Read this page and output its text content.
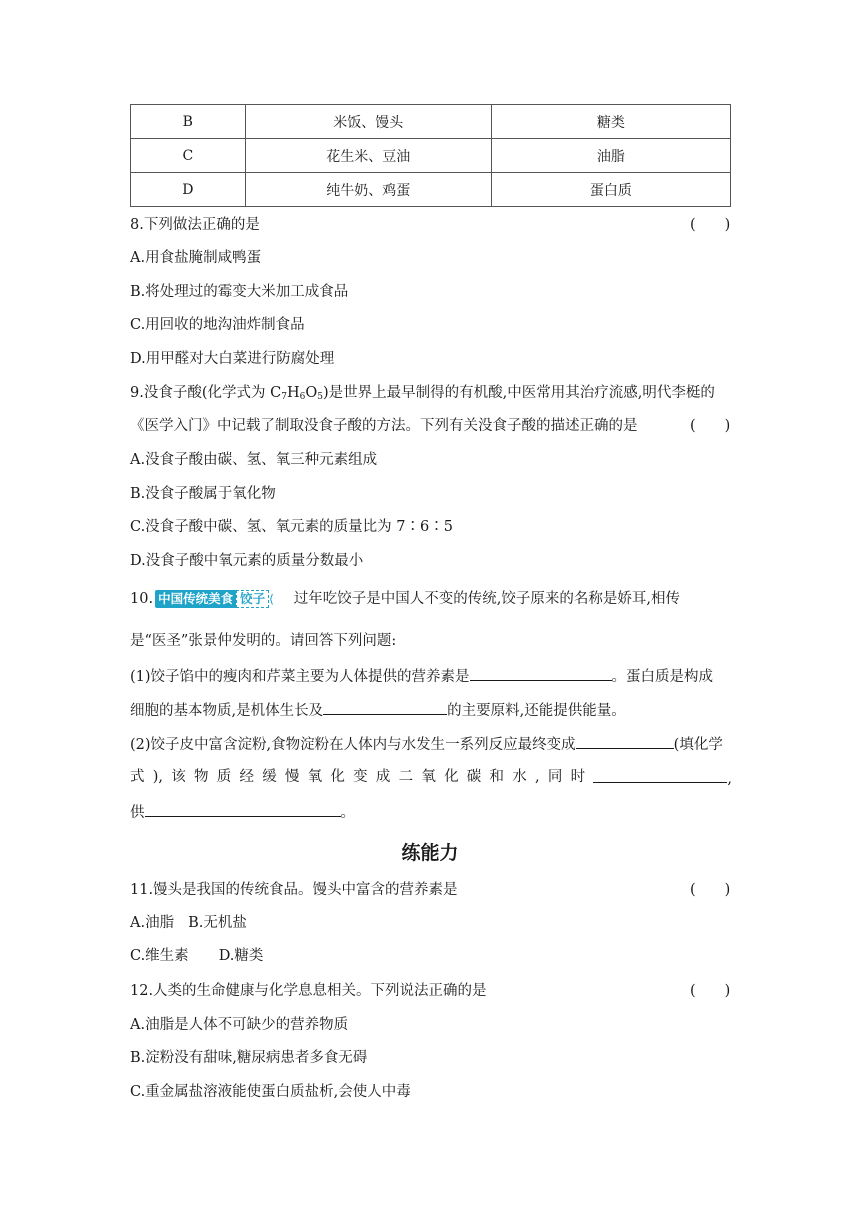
B	米饭、馒头	糖类
C	花生米、豆油	油脂
D	纯牛奶、鸡蛋	蛋白质
8.下列做法正确的是	(　　)
A.用食盐腌制咸鸭蛋
B.将处理过的霉变大米加工成食品
C.用回收的地沟油炸制食品
D.用甲醛对大白菜进行防腐处理
9.没食子酸(化学式为 $C_7H_6O_5$)是世界上最早制得的有机酸,中医常用其治疗流感,明代李梃的
《医学入门》中记载了制取没食子酸的方法。下列有关没食子酸的描述正确的是	(　　)
A.没食子酸由碳、氢、氧三种元素组成
B.没食子酸属于氧化物
C.没食子酸中碳、氢、氧元素的质量比为 7∶6∶5
D.没食子酸中氧元素的质量分数最小
10. 中国传统美食 饺子 ⟨ 过年吃饺子是中国人不变的传统,饺子原来的名称是娇耳,相传
是“医圣”张景仲发明的。请回答下列问题:
(1)饺子馅中的瘦肉和芹菜主要为人体提供的营养素是	。蛋白质是构成
细胞的基本物质,是机体生长及	的主要原料,还能提供能量。
(2)饺子皮中富含淀粉,食物淀粉在人体内与水发生一系列反应最终变成	(填化学
式 ), 该 物 质 经 缓 慢 氧 化 变 成 二 氧 化 碳 和 水 , 同 时	,
供	。
练能力
11.馒头是我国的传统食品。馒头中富含的营养素是	(　　)
A.油脂 B.无机盐
C.维生素 D.糖类
12.人类的生命健康与化学息息相关。下列说法正确的是	(　　)
A.油脂是人体不可缺少的营养物质
B.淀粉没有甜味,糖尿病患者多食无碍
C.重金属盐溶液能使蛋白质盐析,会使人中毒
